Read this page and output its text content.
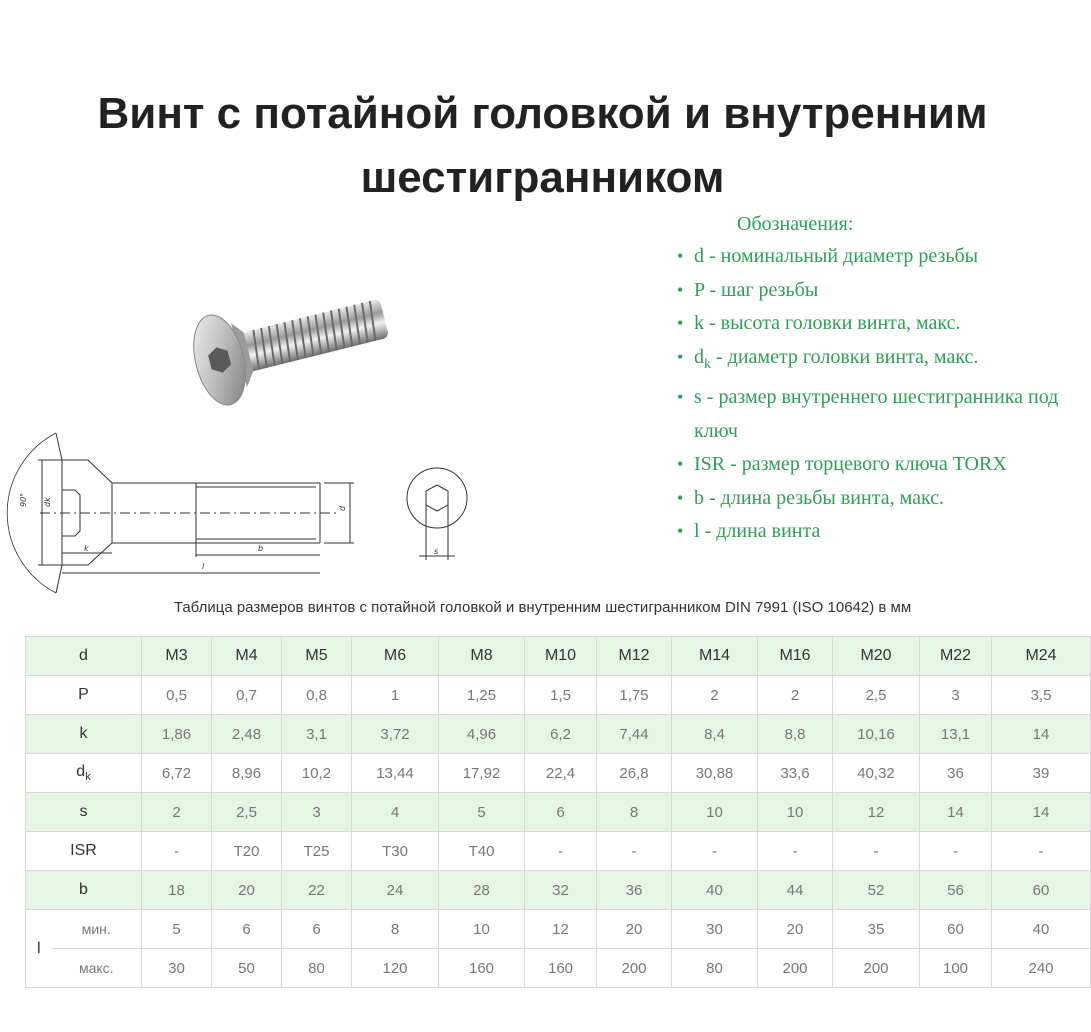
Винт с потайной головкой и внутренним
шестигранником
90° dk
k
l
b
d
s
Обозначения:
• d - номинальный диаметр резьбы
• P - шаг резьбы
• k - высота головки винта, макс.
• $d_k$ - диаметр головки винта, макс.
• s - размер внутреннего шестигранника под ключ
• ISR - размер торцевого ключа TORX
• b - длина резьбы винта, макс.
• l - длина винта
Таблица размеров винтов с потайной головкой и внутренним шестигранником DIN 7991 (ISO 10642) в мм
d		M3	M4	M5	M6	M8	M10	M12	M14	M16	M20	M22	M24
P		0,5	0,7	0,8	1	1,25	1,5	1,75	2	2	2,5	3	3,5
k		1,86	2,48	3,1	3,72	4,96	6,2	7,44	8,4	8,8	10,16	13,1	14
$d_k$		6,72	8,96	10,2	13,44	17,92	22,4	26,8	30,88	33,6	40,32	36	39
s		2	2,5	3	4	5	6	8	10	10	12	14	14
ISR		-	T20	T25	T30	T40	-	-	-	-	-	-	-
b		18	20	22	24	28	32	36	40	44	52	56	60
l	мин.	5	6	6	8	10	12	20	30	20	35	60	40
	макс.	30	50	80	120	160	160	200	80	200	200	100	240
